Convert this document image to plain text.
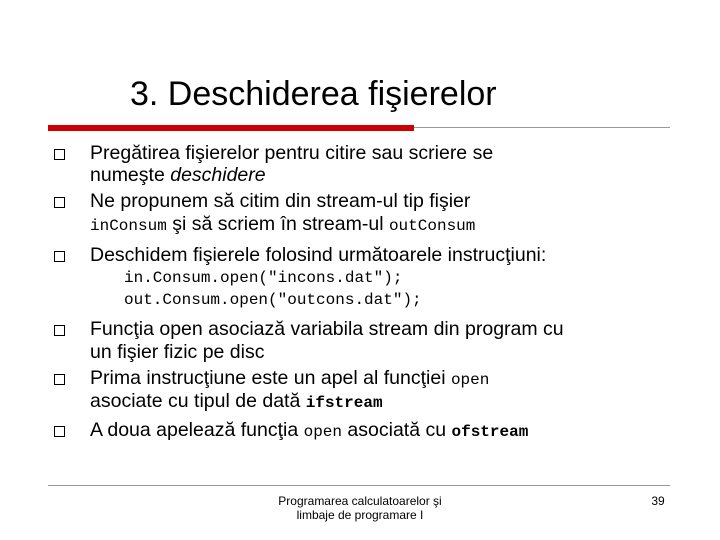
3. Deschiderea fişierelor
Pregătirea fişierelor pentru citire sau scriere se
numeşte deschidere
Ne propunem să citim din stream-ul tip fişier
inConsum şi să scriem în stream-ul outConsum
Deschidem fişierele folosind următoarele instrucţiuni:
in.Consum.open("incons.dat");
out.Consum.open("outcons.dat");
Funcţia open asociază variabila stream din program cu
un fişier fizic pe disc
Prima instrucţiune este un apel al funcţiei open
asociate cu tipul de dată ifstream
A doua apelează funcţia open asociată cu ofstream
Programarea calculatoarelor şi
limbaje de programare I
39
